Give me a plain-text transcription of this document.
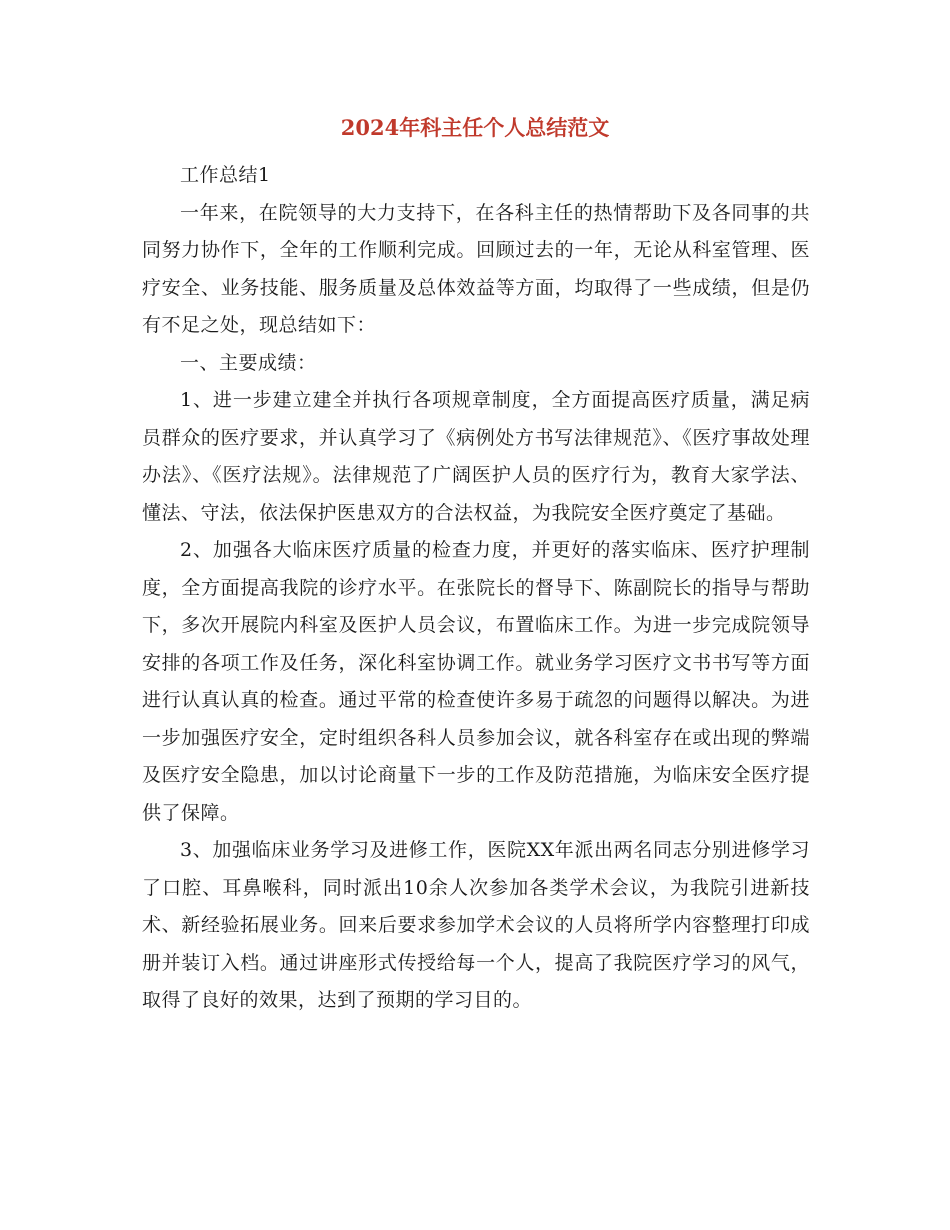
2024年科主任个人总结范文

工作总结1

一年来，在院领导的大力支持下，在各科主任的热情帮助下及各同事的共同努力协作下，全年的工作顺利完成。回顾过去的一年，无论从科室管理、医疗安全、业务技能、服务质量及总体效益等方面，均取得了一些成绩，但是仍有不足之处，现总结如下：

一、主要成绩：

1、进一步建立建全并执行各项规章制度，全方面提高医疗质量，满足病员群众的医疗要求，并认真学习了《病例处方书写法律规范》、《医疗事故处理办法》、《医疗法规》。法律规范了广阔医护人员的医疗行为，教育大家学法、懂法、守法，依法保护医患双方的合法权益，为我院安全医疗奠定了基础。

2、加强各大临床医疗质量的检查力度，并更好的落实临床、医疗护理制度，全方面提高我院的诊疗水平。在张院长的督导下、陈副院长的指导与帮助下，多次开展院内科室及医护人员会议，布置临床工作。为进一步完成院领导安排的各项工作及任务，深化科室协调工作。就业务学习医疗文书书写等方面进行认真认真的检查。通过平常的检查使许多易于疏忽的问题得以解决。为进一步加强医疗安全，定时组织各科人员参加会议，就各科室存在或出现的弊端及医疗安全隐患，加以讨论商量下一步的工作及防范措施，为临床安全医疗提供了保障。

3、加强临床业务学习及进修工作，医院XX年派出两名同志分别进修学习了口腔、耳鼻喉科，同时派出10余人次参加各类学术会议，为我院引进新技术、新经验拓展业务。回来后要求参加学术会议的人员将所学内容整理打印成册并装订入档。通过讲座形式传授给每一个人，提高了我院医疗学习的风气，取得了良好的效果，达到了预期的学习目的。
